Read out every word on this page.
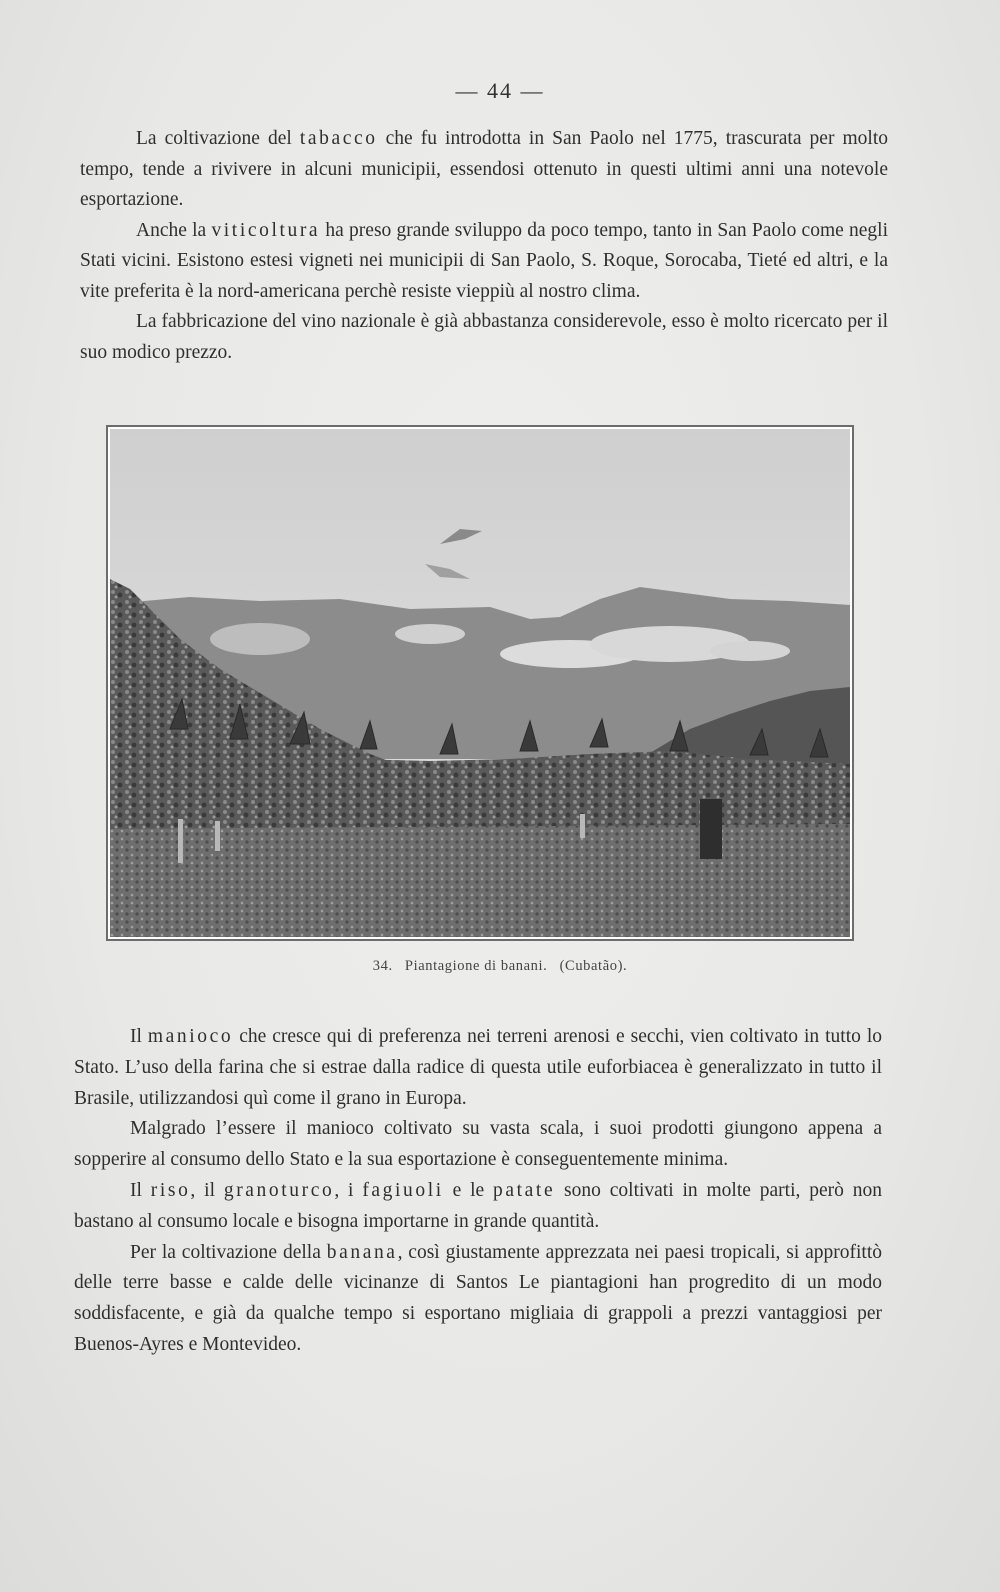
— 44 —

La coltivazione del tabacco che fu introdotta in San Paolo nel 1775, trascurata per molto tempo, tende a rivivere in alcuni municipii, essendosi ottenuto in questi ultimi anni una notevole esportazione.

Anche la viticoltura ha preso grande sviluppo da poco tempo, tanto in San Paolo come negli Stati vicini. Esistono estesi vigneti nei municipii di San Paolo, S. Roque, Sorocaba, Tieté ed altri, e la vite preferita è la nord-americana perchè resiste vieppiù al nostro clima.

La fabbricazione del vino nazionale è già abbastanza considerevole, esso è molto ricercato per il suo modico prezzo.

34. Piantagione di banani. (Cubatão).

Il manioco che cresce qui di preferenza nei terreni arenosi e secchi, vien coltivato in tutto lo Stato. L’uso della farina che si estrae dalla radice di questa utile euforbiacea è generalizzato in tutto il Brasile, utilizzandosi quì come il grano in Europa.

Malgrado l’essere il manioco coltivato su vasta scala, i suoi prodotti giungono appena a sopperire al consumo dello Stato e la sua esportazione è conseguentemente minima.

Il riso, il granoturco, i fagiuoli e le patate sono coltivati in molte parti, però non bastano al consumo locale e bisogna importarne in grande quantità.

Per la coltivazione della banana, così giustamente apprezzata nei paesi tropicali, si approfittò delle terre basse e calde delle vicinanze di Santos Le piantagioni han progredito di un modo soddisfacente, e già da qualche tempo si esportano migliaia di grappoli a prezzi vantaggiosi per Buenos-Ayres e Montevideo.
